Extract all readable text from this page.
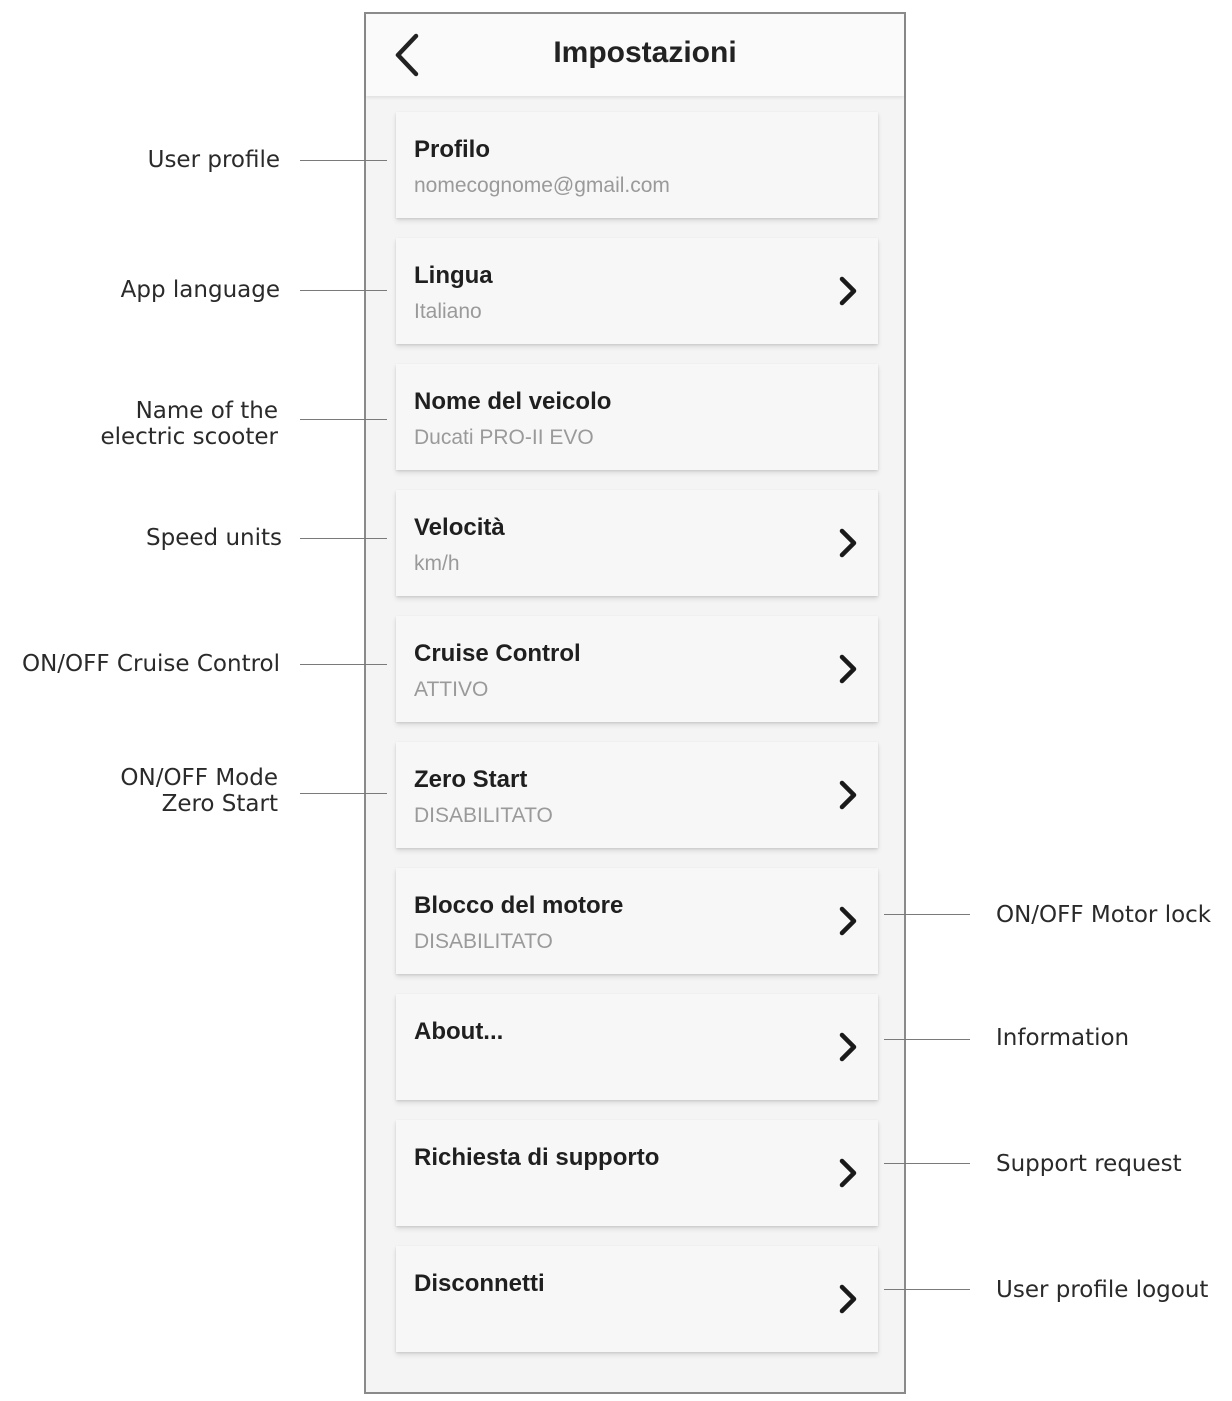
Impostazioni
Profilo
nomecognome@gmail.com
Lingua
Italiano
Nome del veicolo
Ducati PRO-II EVO
Velocità
km/h
Cruise Control
ATTIVO
Zero Start
DISABILITATO
Blocco del motore
DISABILITATO
About...
Richiesta di supporto
Disconnetti
User profile
App language
Name of the
electric scooter
Speed units
ON/OFF Cruise Control
ON/OFF Mode
Zero Start
ON/OFF Motor lock
Information
Support request
User profile logout
